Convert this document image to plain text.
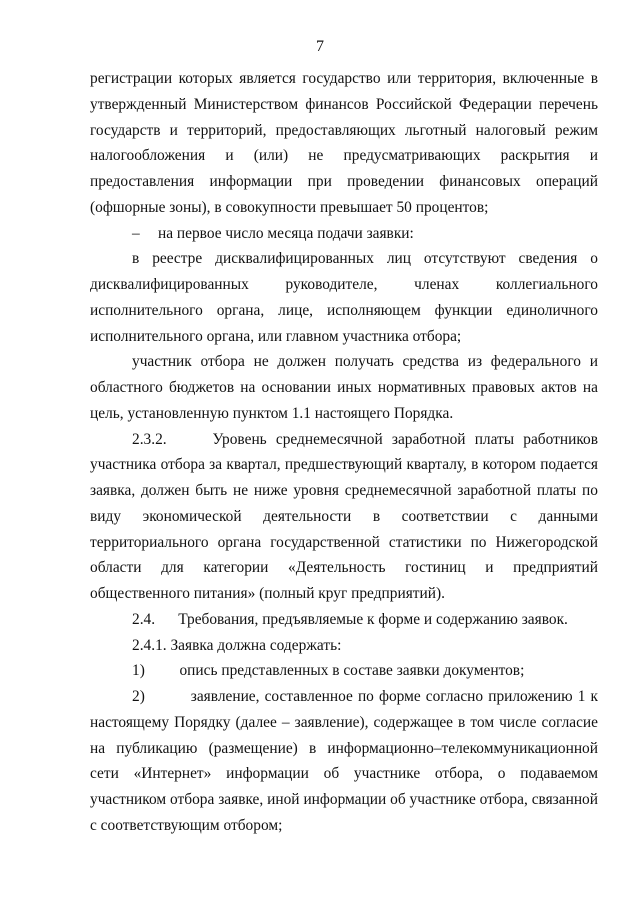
7

регистрации которых является государство или территория, включенные в утвержденный Министерством финансов Российской Федерации перечень государств и территорий, предоставляющих льготный налоговый режим налогообложения и (или) не предусматривающих раскрытия и предоставления информации при проведении финансовых операций (офшорные зоны), в совокупности превышает 50 процентов;

–	на первое число месяца подачи заявки:

в реестре дисквалифицированных лиц отсутствуют сведения о дисквалифицированных руководителе, членах коллегиального исполнительного органа, лице, исполняющем функции единоличного исполнительного органа, или главном участника отбора;

участник отбора не должен получать средства из федерального и областного бюджетов на основании иных нормативных правовых актов на цель, установленную пунктом 1.1 настоящего Порядка.

2.3.2.	Уровень среднемесячной заработной платы работников участника отбора за квартал, предшествующий кварталу, в котором подается заявка, должен быть не ниже уровня среднемесячной заработной платы по виду экономической деятельности в соответствии с данными территориального органа государственной статистики по Нижегородской области для категории «Деятельность гостиниц и предприятий общественного питания» (полный круг предприятий).

2.4. Требования, предъявляемые к форме и содержанию заявок.

2.4.1. Заявка должна содержать:

1) опись представленных в составе заявки документов;

2)	заявление, составленное по форме согласно приложению 1 к настоящему Порядку (далее – заявление), содержащее в том числе согласие на публикацию (размещение) в информационно–телекоммуникационной сети «Интернет» информации об участнике отбора, о подаваемом участником отбора заявке, иной информации об участнике отбора, связанной с соответствующим отбором;
